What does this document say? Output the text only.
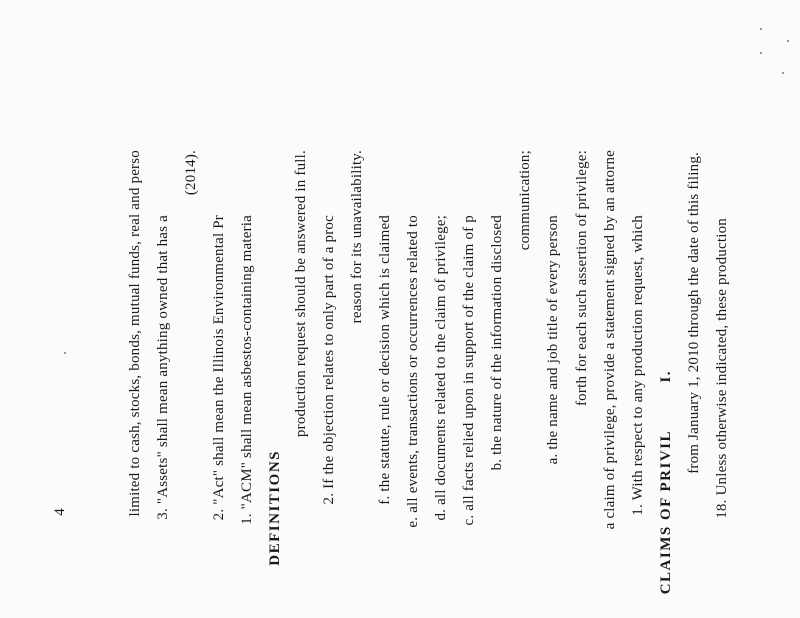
18. Unless otherwise indicated, these production
from January 1, 2010 through the date of this filing.
I.
CLAIMS OF PRIVIL
1. With respect to any production request, which
a claim of privilege, provide a statement signed by an attorne
forth for each such assertion of privilege:
a. the name and job title of every person
communication;
b. the nature of the information disclosed
c. all facts relied upon in support of the claim of p
d. all documents related to the claim of privilege;
e. all events, transactions or occurrences related to
f. the statute, rule or decision which is claimed
reason for its unavailability.
2. If the objection relates to only part of a proc
production request should be answered in full.
DEFINITIONS
1. "ACM" shall mean asbestos-containing materia
2. "Act" shall mean the Illinois Environmental Pr
(2014).
3. "Assets" shall mean anything owned that has a
limited to cash, stocks, bonds, mutual funds, real and perso
4
